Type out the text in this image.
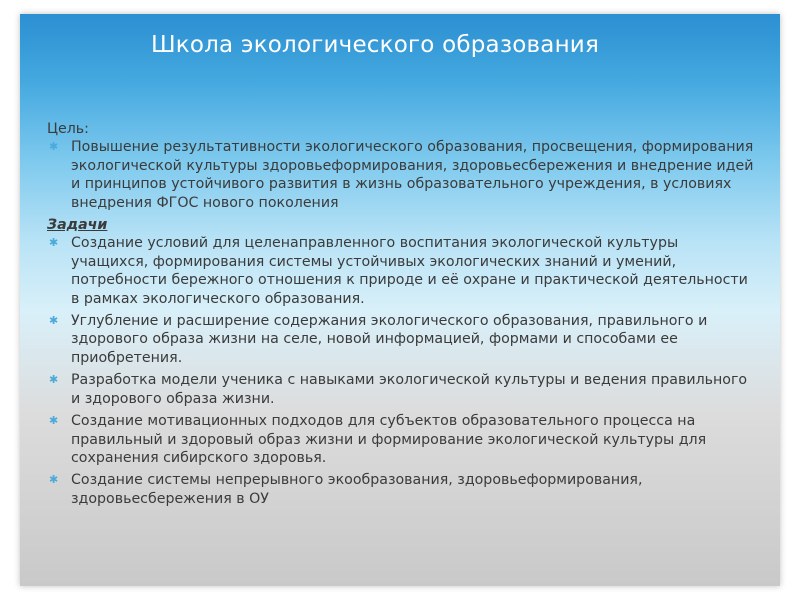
Школа экологического образования

Цель:

✱ Повышение результативности экологического образования, просвещения, формирования экологической культуры здоровьеформирования, здоровьесбережения и внедрение идей и принципов устойчивого развития в жизнь образовательного учреждения, в условиях внедрения ФГОС нового поколения

Задачи

✱ Создание условий для целенаправленного воспитания экологической культуры учащихся, формирования системы устойчивых экологических знаний и умений, потребности бережного отношения к природе и её охране и практической деятельности в рамках экологического образования.
✱ Углубление и расширение содержания экологического образования, правильного и здорового образа жизни на селе, новой информацией, формами и способами ее приобретения.
✱ Разработка модели ученика с навыками экологической культуры и ведения правильного и здорового образа жизни.
✱ Создание мотивационных подходов для субъектов образовательного процесса на правильный и здоровый образ жизни и формирование экологической культуры для сохранения сибирского здоровья.
✱ Создание системы непрерывного экообразования, здоровьеформирования, здоровьесбережения в ОУ
